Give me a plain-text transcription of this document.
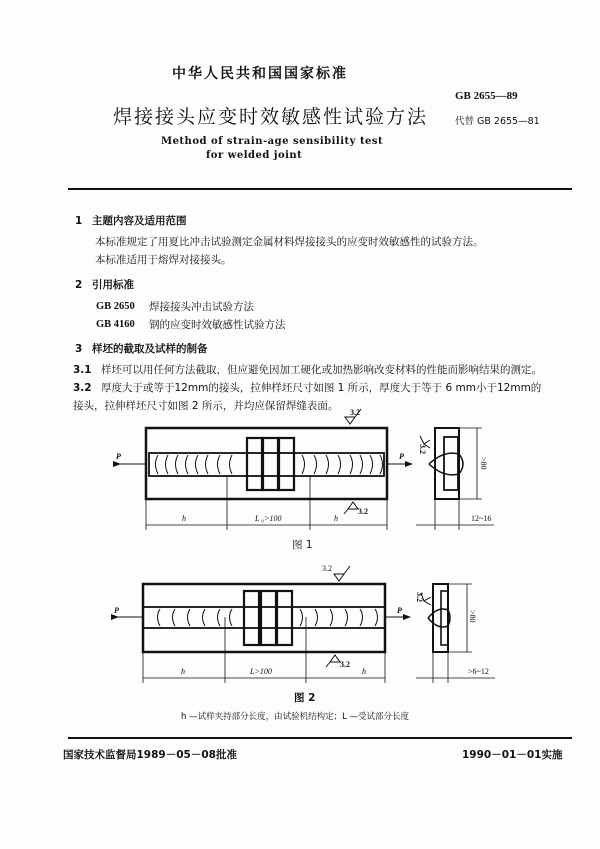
中华人民共和国国家标准
GB 2655—89
焊接接头应变时效敏感性试验方法	代替 GB 2655—81
Method of strain-age sensibility test
for welded joint
1 主题内容及适用范围
本标准规定了用夏比冲击试验测定金属材料焊接接头的应变时效敏感性的试验方法。
本标准适用于熔焊对接接头。
2 引用标准
GB 2650 焊接接头冲击试验方法
GB 4160 钢的应变时效敏感性试验方法
3 样坯的截取及试样的制备
3.1 样坯可以用任何方法截取，但应避免因加工硬化或加热影响改变材料的性能而影响结果的测定。
3.2 厚度大于或等于12mm的接头，拉伸样坯尺寸如图 1 所示，厚度大于等于 6 mm小于12mm的
接头，拉伸样坯尺寸如图 2 所示，并均应保留焊缝表面。
P	P
h	L ₀>100	h
3.2
3.2
3.2
>80
12~16
P	P
h	L>100	h
3.2
3.2
3.2
>80
>6~12
图 1
图 2
h —试样夹持部分长度，由试验机结构定；L —受试部分长度
国家技术监督局1989－05－08批准	1990－01－01实施
